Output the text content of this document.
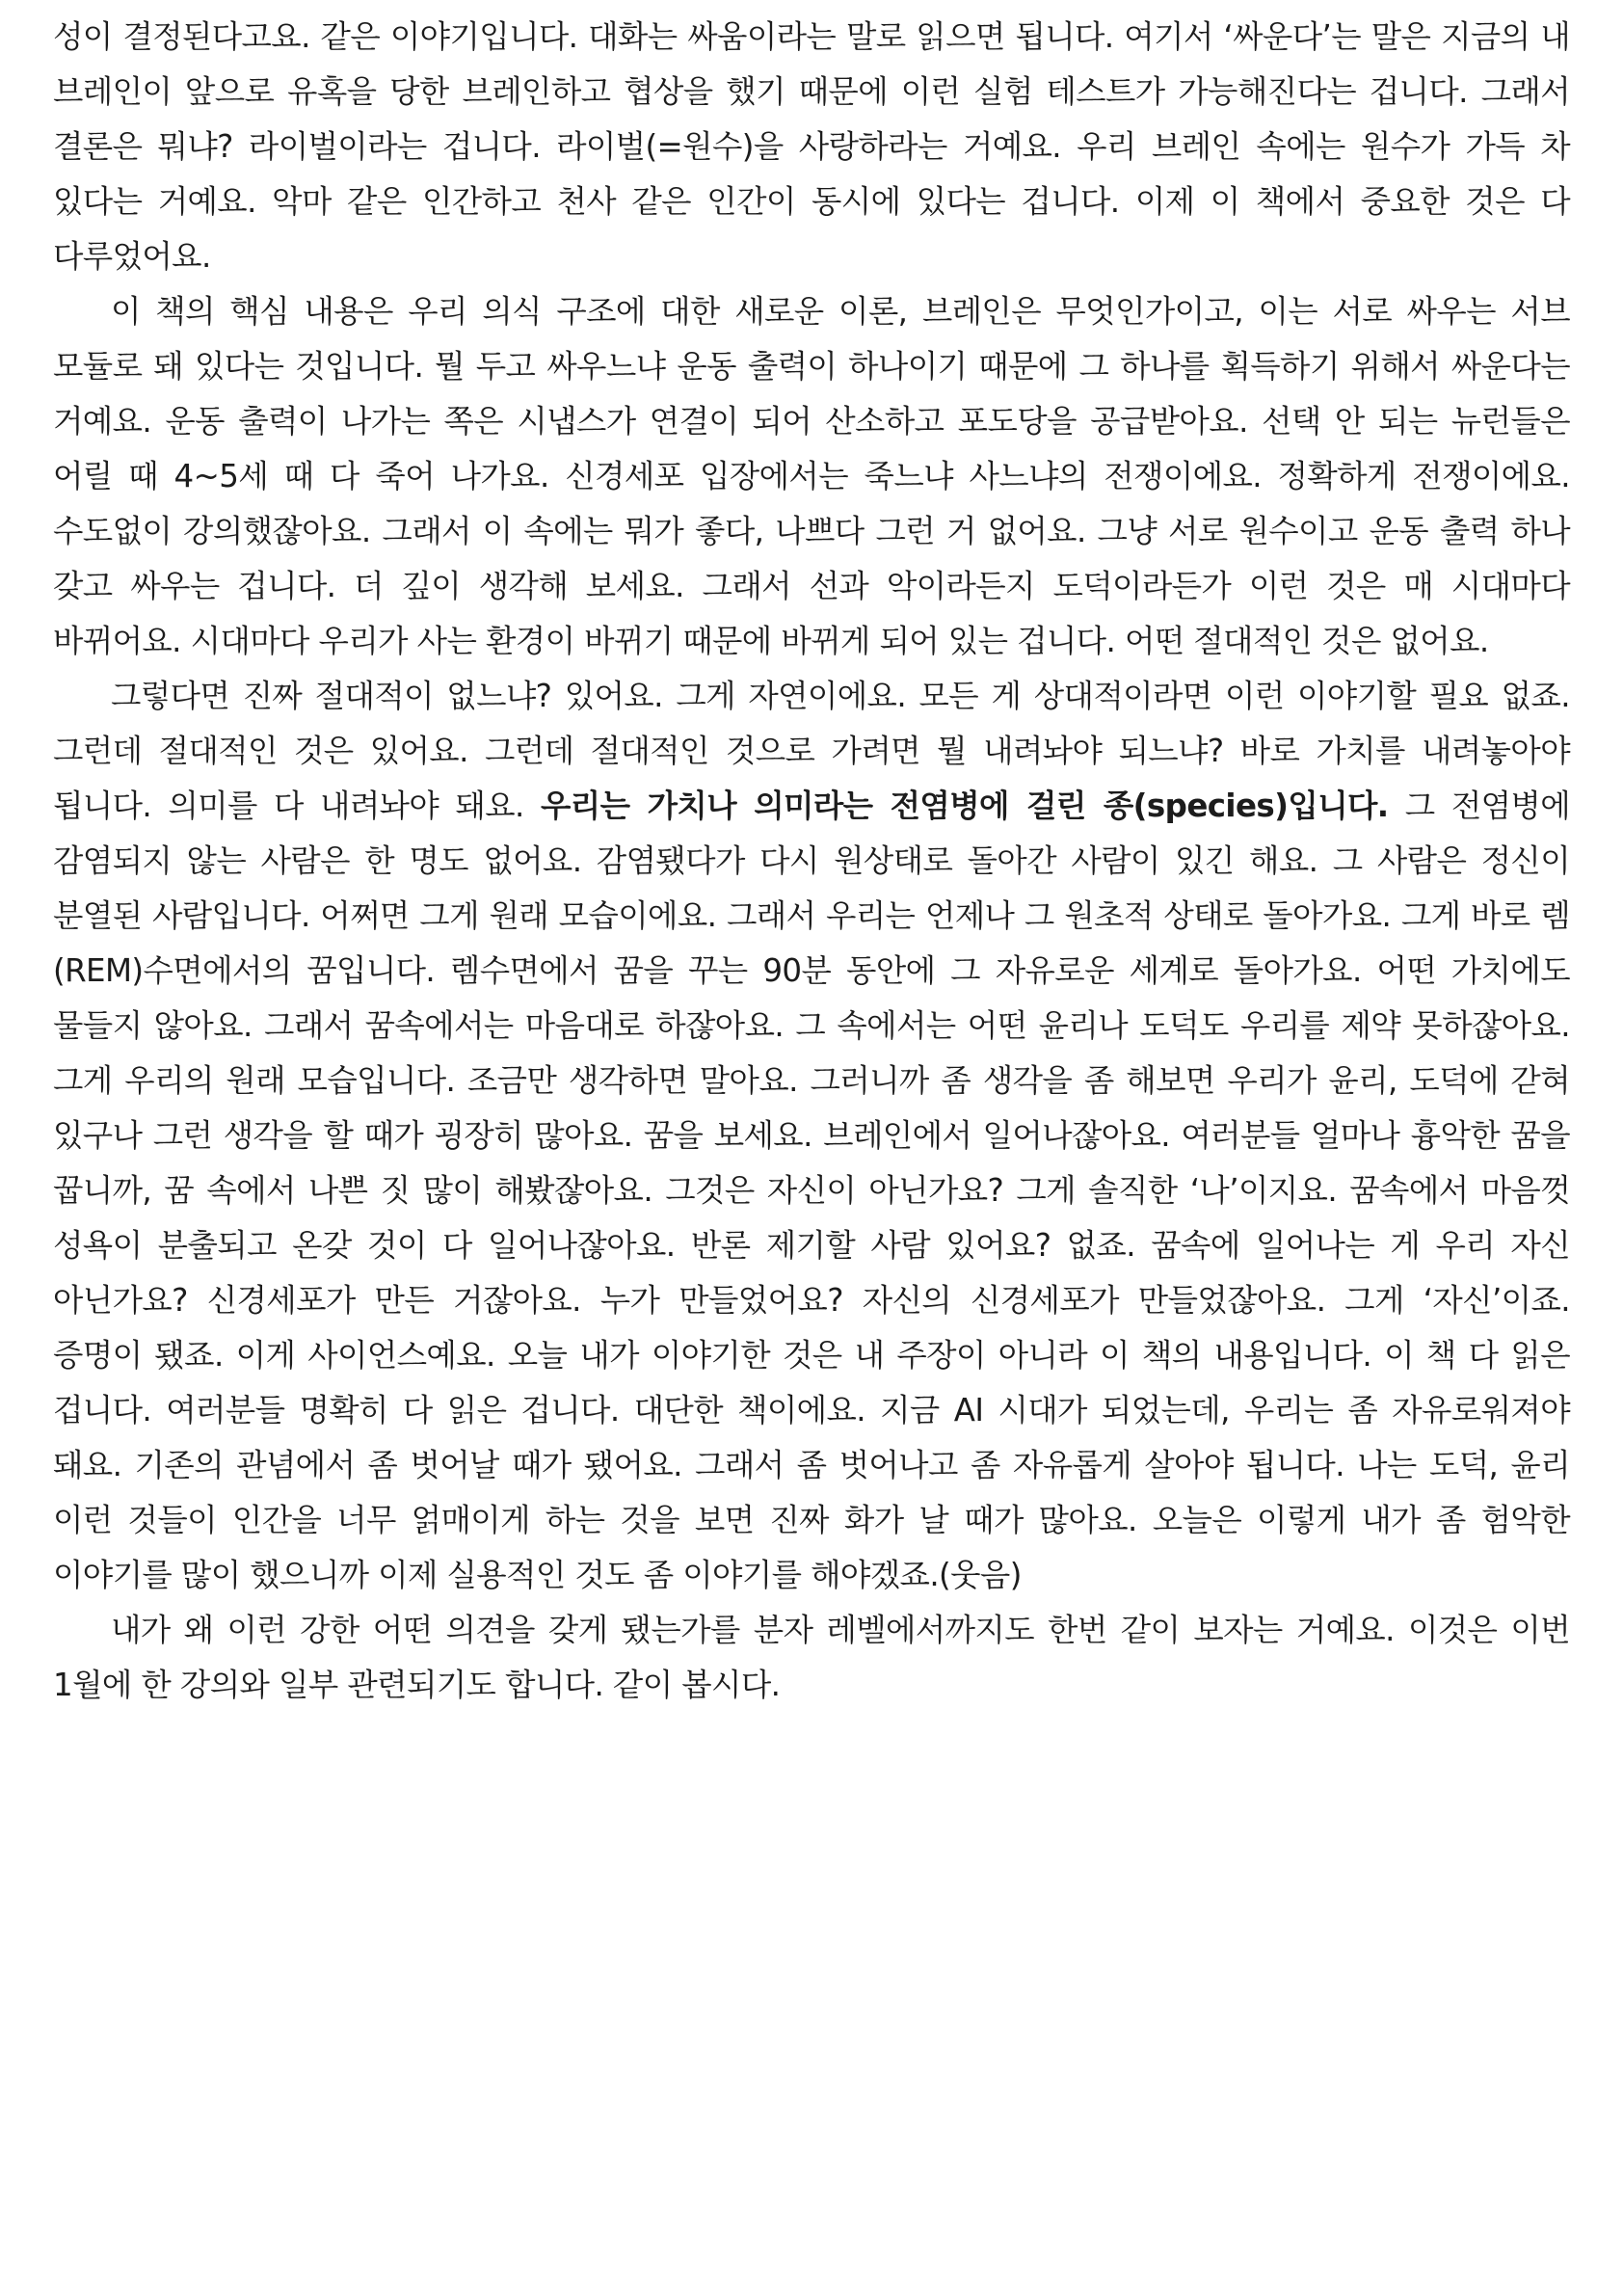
성이 결정된다고요. 같은 이야기입니다. 대화는 싸움이라는 말로 읽으면 됩니다. 여기서 ‘싸운다’는 말은 지금의 내 브레인이 앞으로 유혹을 당한 브레인하고 협상을 했기 때문에 이런 실험 테스트가 가능해진다는 겁니다. 그래서 결론은 뭐냐? 라이벌이라는 겁니다. 라이벌(=원수)을 사랑하라는 거예요. 우리 브레인 속에는 원수가 가득 차 있다는 거예요. 악마 같은 인간하고 천사 같은 인간이 동시에 있다는 겁니다. 이제 이 책에서 중요한 것은 다 다루었어요.

이 책의 핵심 내용은 우리 의식 구조에 대한 새로운 이론, 브레인은 무엇인가이고, 이는 서로 싸우는 서브 모듈로 돼 있다는 것입니다. 뭘 두고 싸우느냐 운동 출력이 하나이기 때문에 그 하나를 획득하기 위해서 싸운다는 거예요. 운동 출력이 나가는 쪽은 시냅스가 연결이 되어 산소하고 포도당을 공급받아요. 선택 안 되는 뉴런들은 어릴 때 4~5세 때 다 죽어 나가요. 신경세포 입장에서는 죽느냐 사느냐의 전쟁이에요. 정확하게 전쟁이에요. 수도없이 강의했잖아요. 그래서 이 속에는 뭐가 좋다, 나쁘다 그런 거 없어요. 그냥 서로 원수이고 운동 출력 하나 갖고 싸우는 겁니다. 더 깊이 생각해 보세요. 그래서 선과 악이라든지 도덕이라든가 이런 것은 매 시대마다 바뀌어요. 시대마다 우리가 사는 환경이 바뀌기 때문에 바뀌게 되어 있는 겁니다. 어떤 절대적인 것은 없어요.

그렇다면 진짜 절대적이 없느냐? 있어요. 그게 자연이에요. 모든 게 상대적이라면 이런 이야기할 필요 없죠. 그런데 절대적인 것은 있어요. 그런데 절대적인 것으로 가려면 뭘 내려놔야 되느냐? 바로 가치를 내려놓아야 됩니다. 의미를 다 내려놔야 돼요. 우리는 가치나 의미라는 전염병에 걸린 종(species)입니다. 그 전염병에 감염되지 않는 사람은 한 명도 없어요. 감염됐다가 다시 원상태로 돌아간 사람이 있긴 해요. 그 사람은 정신이 분열된 사람입니다. 어쩌면 그게 원래 모습이에요. 그래서 우리는 언제나 그 원초적 상태로 돌아가요. 그게 바로 렘(REM)수면에서의 꿈입니다. 렘수면에서 꿈을 꾸는 90분 동안에 그 자유로운 세계로 돌아가요. 어떤 가치에도 물들지 않아요. 그래서 꿈속에서는 마음대로 하잖아요. 그 속에서는 어떤 윤리나 도덕도 우리를 제약 못하잖아요. 그게 우리의 원래 모습입니다. 조금만 생각하면 말아요. 그러니까 좀 생각을 좀 해보면 우리가 윤리, 도덕에 갇혀 있구나 그런 생각을 할 때가 굉장히 많아요. 꿈을 보세요. 브레인에서 일어나잖아요. 여러분들 얼마나 흉악한 꿈을 꿉니까, 꿈 속에서 나쁜 짓 많이 해봤잖아요. 그것은 자신이 아닌가요? 그게 솔직한 ‘나’이지요. 꿈속에서 마음껏 성욕이 분출되고 온갖 것이 다 일어나잖아요. 반론 제기할 사람 있어요? 없죠. 꿈속에 일어나는 게 우리 자신 아닌가요? 신경세포가 만든 거잖아요. 누가 만들었어요? 자신의 신경세포가 만들었잖아요. 그게 ‘자신’이죠. 증명이 됐죠. 이게 사이언스예요. 오늘 내가 이야기한 것은 내 주장이 아니라 이 책의 내용입니다. 이 책 다 읽은 겁니다. 여러분들 명확히 다 읽은 겁니다. 대단한 책이에요. 지금 AI 시대가 되었는데, 우리는 좀 자유로워져야 돼요. 기존의 관념에서 좀 벗어날 때가 됐어요. 그래서 좀 벗어나고 좀 자유롭게 살아야 됩니다. 나는 도덕, 윤리 이런 것들이 인간을 너무 얽매이게 하는 것을 보면 진짜 화가 날 때가 많아요. 오늘은 이렇게 내가 좀 험악한 이야기를 많이 했으니까 이제 실용적인 것도 좀 이야기를 해야겠죠.(웃음)

내가 왜 이런 강한 어떤 의견을 갖게 됐는가를 분자 레벨에서까지도 한번 같이 보자는 거예요. 이것은 이번 1월에 한 강의와 일부 관련되기도 합니다. 같이 봅시다.
